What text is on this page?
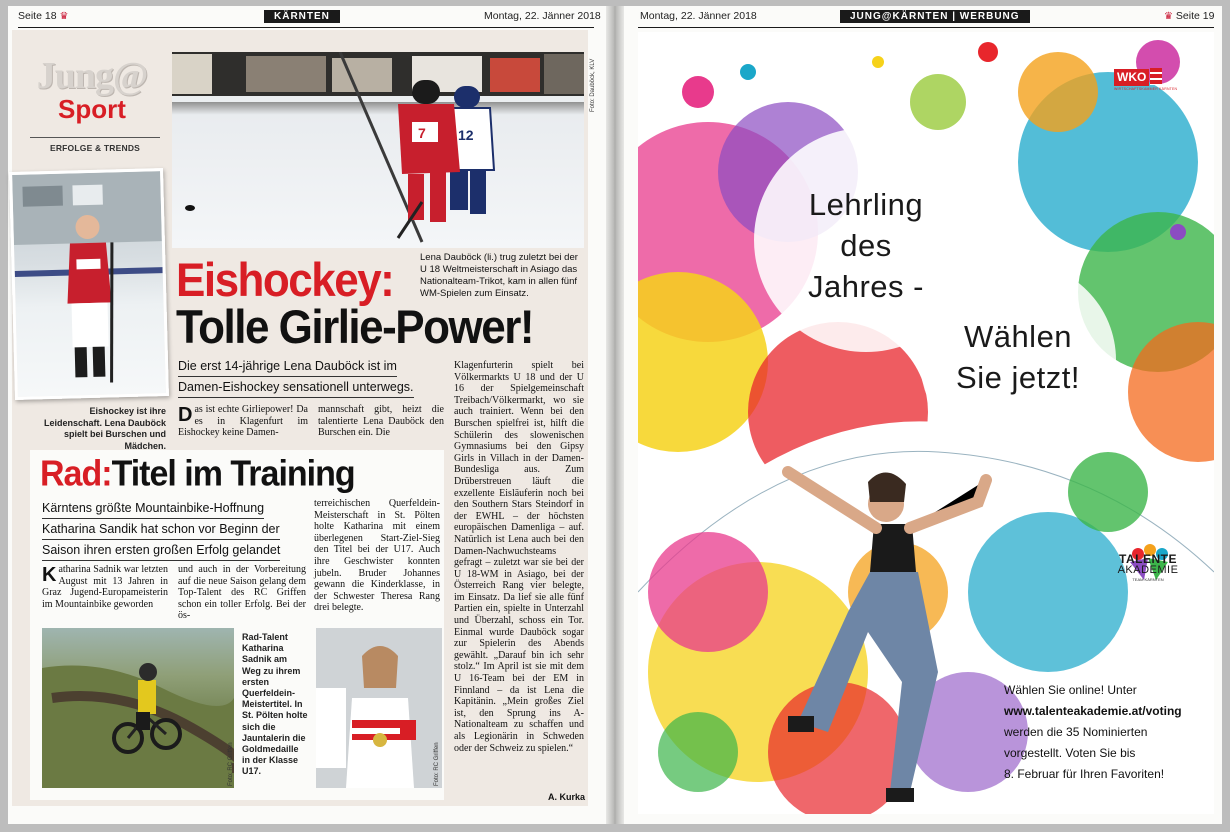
Seite 18 ♛	KÄRNTEN	Montag, 22. Jänner 2018
Jung@
Sport
ERFOLGE & TRENDS
12
7
Foto: Dauböck, KLV
Eishockey ist ihre Leidenschaft. Lena Dauböck spielt bei Burschen und Mädchen.
Lena Dauböck (li.) trug zuletzt bei der U 18 Weltmeisterschaft in Asiago das Nationalteam-Trikot, kam in allen fünf WM-Spielen zum Einsatz.
Eishockey:
Tolle Girlie-Power!
Die erst 14-jährige Lena Dauböck ist im
Damen-Eishockey sensationell unterwegs.
Das ist echte Girliepower! Da es in Klagenfurt im Eishockey keine Damen-
mannschaft gibt, heizt die talentierte Lena Dauböck den Burschen ein. Die
Klagenfurterin spielt bei Völkermarkts U 18 und der U 16 der Spielgemeinschaft Treibach/Völkermarkt, wo sie auch trainiert. Wenn bei den Burschen spielfrei ist, hilft die Schülerin des slowenischen Gymnasiums bei den Gipsy Girls in Villach in der Damen-Bundesliga aus. Zum Drüberstreuen läuft die exzellente Eisläuferin noch bei den Southern Stars Steindorf in der EWHL – der höchsten europäischen Damenliga – auf. Natürlich ist Lena auch bei den Damen-Nachwuchsteams gefragt – zuletzt war sie bei der U 18-WM in Asiago, bei der Österreich Rang vier belegte, im Einsatz. Da lief sie alle fünf Partien ein, spielte in Unterzahl und Überzahl, schoss ein Tor. Einmal wurde Dauböck sogar zur Spielerin des Abends gewählt. „Darauf bin ich sehr stolz.“ Im April ist sie mit dem U 16-Team bei der EM in Finnland – da ist Lena die Kapitänin. „Mein großes Ziel ist, den Sprung ins A-Nationalteam zu schaffen und als Legionärin in Schweden oder der Schweiz zu spielen.“
A. Kurka
Rad:Titel im Training
Kärntens größte Mountainbike-Hoffnung
Katharina Sandik hat schon vor Beginn der
Saison ihren ersten großen Erfolg gelandet
Katharina Sadnik war letzten August mit 13 Jahren in Graz Jugend-Europameisterin im Mountainbike geworden
und auch in der Vorbereitung auf die neue Saison gelang dem Top-Talent des RC Griffen schon ein toller Erfolg. Bei der ös-
terreichischen Querfeldein-Meisterschaft in St. Pölten holte Katharina mit einem überlegenen Start-Ziel-Sieg den Titel bei der U17. Auch ihre Geschwister konnten jubeln. Bruder Johannes gewann die Kinderklasse, in der Schwester Theresa Rang drei belegte.
Foto: RC Griffen
Rad-Talent Katharina Sadnik am Weg zu ihrem ersten Querfeldein-Meistertitel. In St. Pölten holte sich die Jauntalerin die Goldmedaille in der Klasse U17.	Foto: RC Griffen
Montag, 22. Jänner 2018	JUNG@KÄRNTEN | WERBUNG	♛ Seite 19
Lehrling
des
Jahres -
Wählen
Sie jetzt!
WKO
WIRTSCHAFTSKAMMER KÄRNTEN
TALENTE
AKADEMIE
TEAM KÄRNTEN
Wählen Sie online! Unter
www.talenteakademie.at/voting
werden die 35 Nominierten
vorgestellt. Voten Sie bis
8. Februar für Ihren Favoriten!
